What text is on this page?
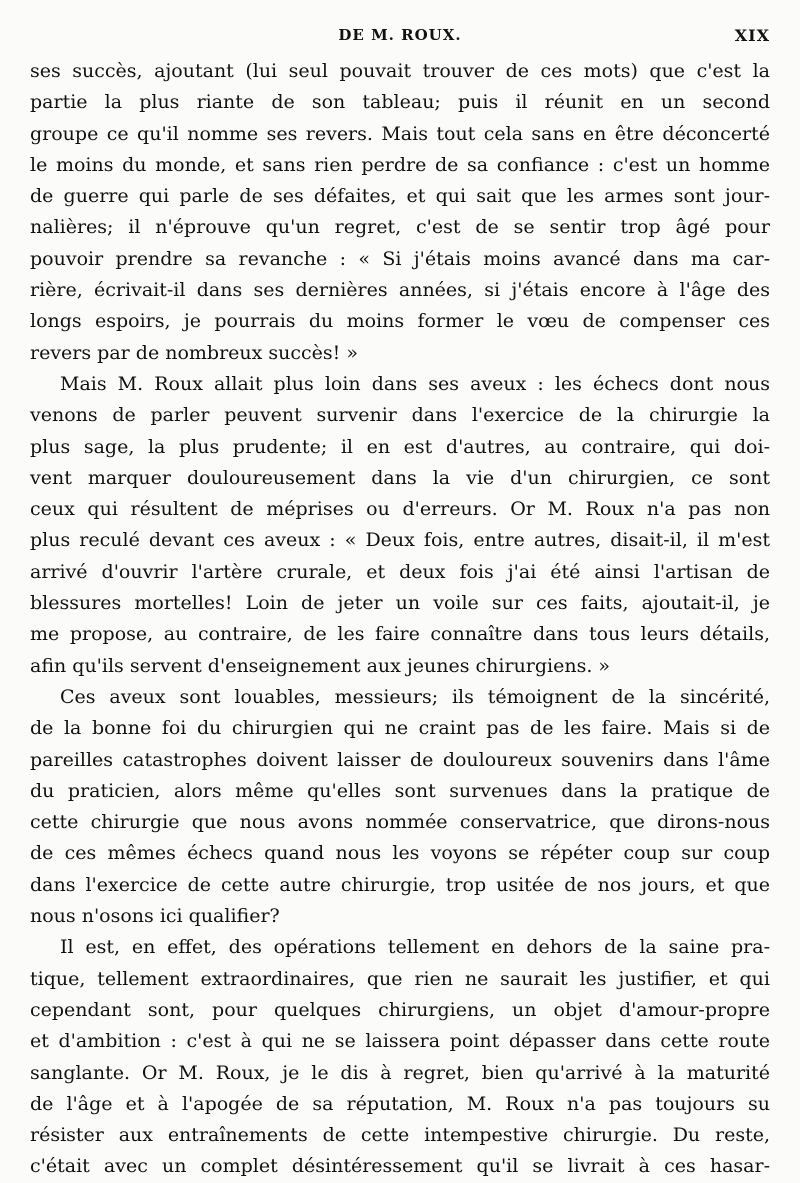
DE M. ROUX.	XIX
ses succès, ajoutant (lui seul pouvait trouver de ces mots) que c'est la
partie la plus riante de son tableau; puis il réunit en un second
groupe ce qu'il nomme ses revers. Mais tout cela sans en être déconcerté
le moins du monde, et sans rien perdre de sa confiance : c'est un homme
de guerre qui parle de ses défaites, et qui sait que les armes sont jour-
nalières; il n'éprouve qu'un regret, c'est de se sentir trop âgé pour
pouvoir prendre sa revanche : « Si j'étais moins avancé dans ma car-
rière, écrivait-il dans ses dernières années, si j'étais encore à l'âge des
longs espoirs, je pourrais du moins former le vœu de compenser ces
revers par de nombreux succès! »
Mais M. Roux allait plus loin dans ses aveux : les échecs dont nous
venons de parler peuvent survenir dans l'exercice de la chirurgie la
plus sage, la plus prudente; il en est d'autres, au contraire, qui doi-
vent marquer douloureusement dans la vie d'un chirurgien, ce sont
ceux qui résultent de méprises ou d'erreurs. Or M. Roux n'a pas non
plus reculé devant ces aveux : « Deux fois, entre autres, disait-il, il m'est
arrivé d'ouvrir l'artère crurale, et deux fois j'ai été ainsi l'artisan de
blessures mortelles! Loin de jeter un voile sur ces faits, ajoutait-il, je
me propose, au contraire, de les faire connaître dans tous leurs détails,
afin qu'ils servent d'enseignement aux jeunes chirurgiens. »
Ces aveux sont louables, messieurs; ils témoignent de la sincérité,
de la bonne foi du chirurgien qui ne craint pas de les faire. Mais si de
pareilles catastrophes doivent laisser de douloureux souvenirs dans l'âme
du praticien, alors même qu'elles sont survenues dans la pratique de
cette chirurgie que nous avons nommée conservatrice, que dirons-nous
de ces mêmes échecs quand nous les voyons se répéter coup sur coup
dans l'exercice de cette autre chirurgie, trop usitée de nos jours, et que
nous n'osons ici qualifier?
Il est, en effet, des opérations tellement en dehors de la saine pra-
tique, tellement extraordinaires, que rien ne saurait les justifier, et qui
cependant sont, pour quelques chirurgiens, un objet d'amour-propre
et d'ambition : c'est à qui ne se laissera point dépasser dans cette route
sanglante. Or M. Roux, je le dis à regret, bien qu'arrivé à la maturité
de l'âge et à l'apogée de sa réputation, M. Roux n'a pas toujours su
résister aux entraînements de cette intempestive chirurgie. Du reste,
c'était avec un complet désintéressement qu'il se livrait à ces hasar-
